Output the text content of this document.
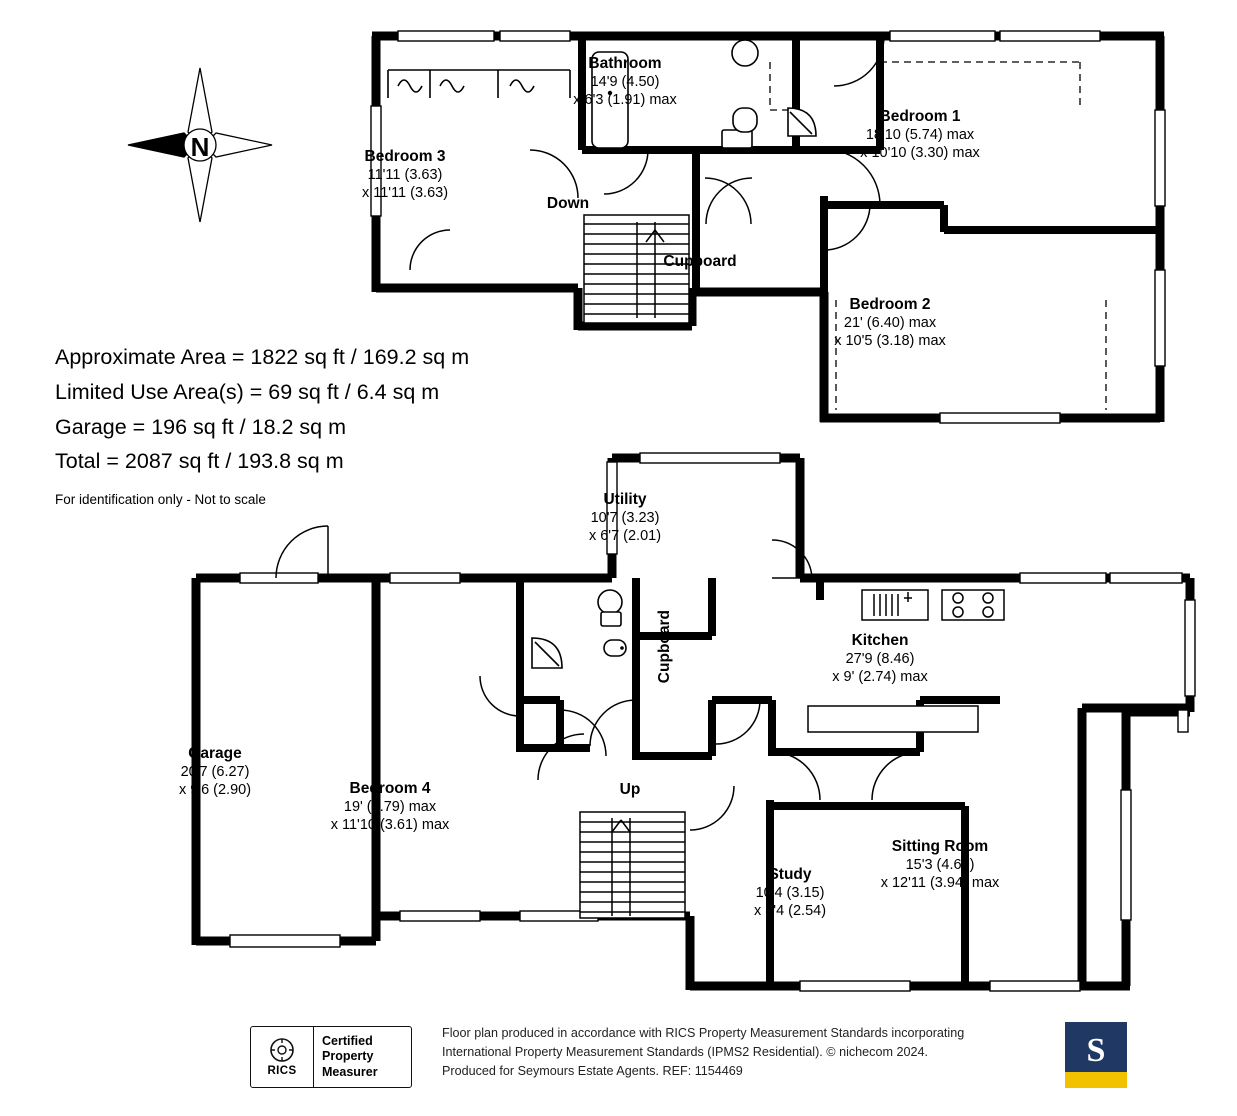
N
Bathroom
14'9 (4.50)
x 6'3 (1.91) max
Bedroom 1
18'10 (5.74) max
x 10'10 (3.30) max
Bedroom 3
11'11 (3.63)
x 11'11 (3.63)
Bedroom 2
21' (6.40) max
x 10'5 (3.18) max
Utility
10'7 (3.23)
x 6'7 (2.01)
Kitchen
27'9 (8.46)
x 9' (2.74) max
Garage
20'7 (6.27)
x 9'6 (2.90)	Bedroom 4
19' (5.79) max
x 11'10 (3.61) max
Sitting Room
15'3 (4.65)
x 12'11 (3.94) max
Study
10'4 (3.15)
x 8'4 (2.54)
Down
Cupboard
Cupboard
Up
Approximate Area = 1822 sq ft / 169.2 sq m
Limited Use Area(s) = 69 sq ft / 6.4 sq m
Garage = 196 sq ft / 18.2 sq m
Total = 2087 sq ft / 193.8 sq m
For identification only - Not to scale
RICS
Certified
Property
Measurer
Floor plan produced in accordance with RICS Property Measurement Standards incorporating
International Property Measurement Standards (IPMS2 Residential). © nichecom 2024.
Produced for Seymours Estate Agents. REF: 1154469
S
